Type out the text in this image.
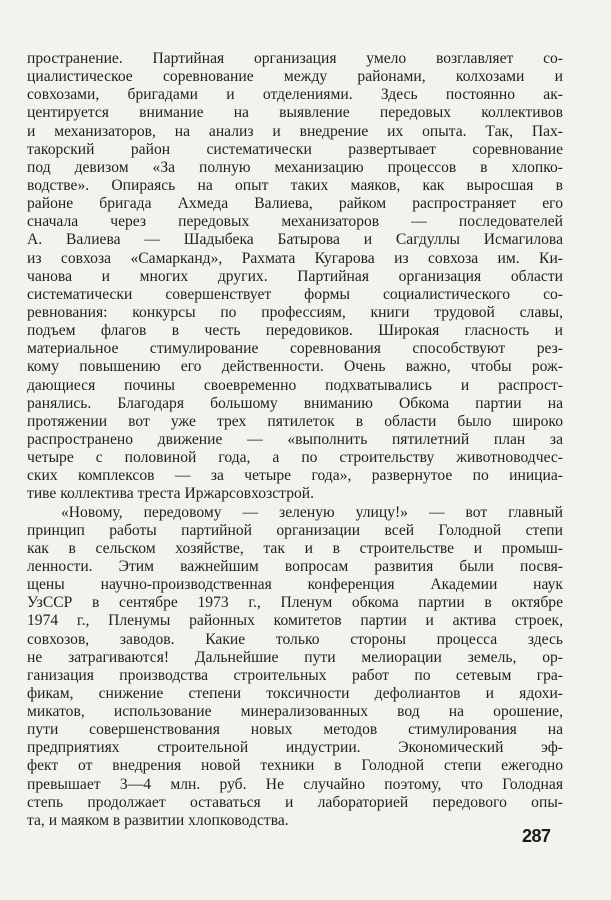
пространение. Партийная организация умело возглавляет со-
циалистическое соревнование между районами, колхозами и
совхозами, бригадами и отделениями. Здесь постоянно ак-
центируется внимание на выявление передовых коллективов
и механизаторов, на анализ и внедрение их опыта. Так, Пах-
такорский район систематически развертывает соревнование
под девизом «За полную механизацию процессов в хлопко-
водстве». Опираясь на опыт таких маяков, как выросшая в
районе бригада Ахмеда Валиева, райком распространяет его
сначала через передовых механизаторов — последователей
А. Валиева — Шадыбека Батырова и Сагдуллы Исмагилова
из совхоза «Самарканд», Рахмата Кугарова из совхоза им. Ки-
чанова и многих других. Партийная организация области
систематически совершенствует формы социалистического со-
ревнования: конкурсы по профессиям, книги трудовой славы,
подъем флагов в честь передовиков. Широкая гласность и
материальное стимулирование соревнования способствуют рез-
кому повышению его действенности. Очень важно, чтобы рож-
дающиеся почины своевременно подхватывались и распрост-
ранялись. Благодаря большому вниманию Обкома партии на
протяжении вот уже трех пятилеток в области было широко
распространено движение — «выполнить пятилетний план за
четыре с половиной года, а по строительству животноводчес-
ских комплексов — за четыре года», развернутое по инициа-
тиве коллектива треста Иржарсовхозстрой.
«Новому, передовому — зеленую улицу!» — вот главный
принцип работы партийной организации всей Голодной степи
как в сельском хозяйстве, так и в строительстве и промыш-
ленности. Этим важнейшим вопросам развития были посвя-
щены научно-производственная конференция Академии наук
УзССР в сентябре 1973 г., Пленум обкома партии в октябре
1974 г., Пленумы районных комитетов партии и актива строек,
совхозов, заводов. Какие только стороны процесса здесь
не затрагиваются! Дальнейшие пути мелиорации земель, ор-
ганизация производства строительных работ по сетевым гра-
фикам, снижение степени токсичности дефолиантов и ядохи-
микатов, использование минерализованных вод на орошение,
пути совершенствования новых методов стимулирования на
предприятиях строительной индустрии. Экономический эф-
фект от внедрения новой техники в Голодной степи ежегодно
превышает 3—4 млн. руб. Не случайно поэтому, что Голодная
степь продолжает оставаться и лабораторией передового опы-
та, и маяком в развитии хлопководства.
287
